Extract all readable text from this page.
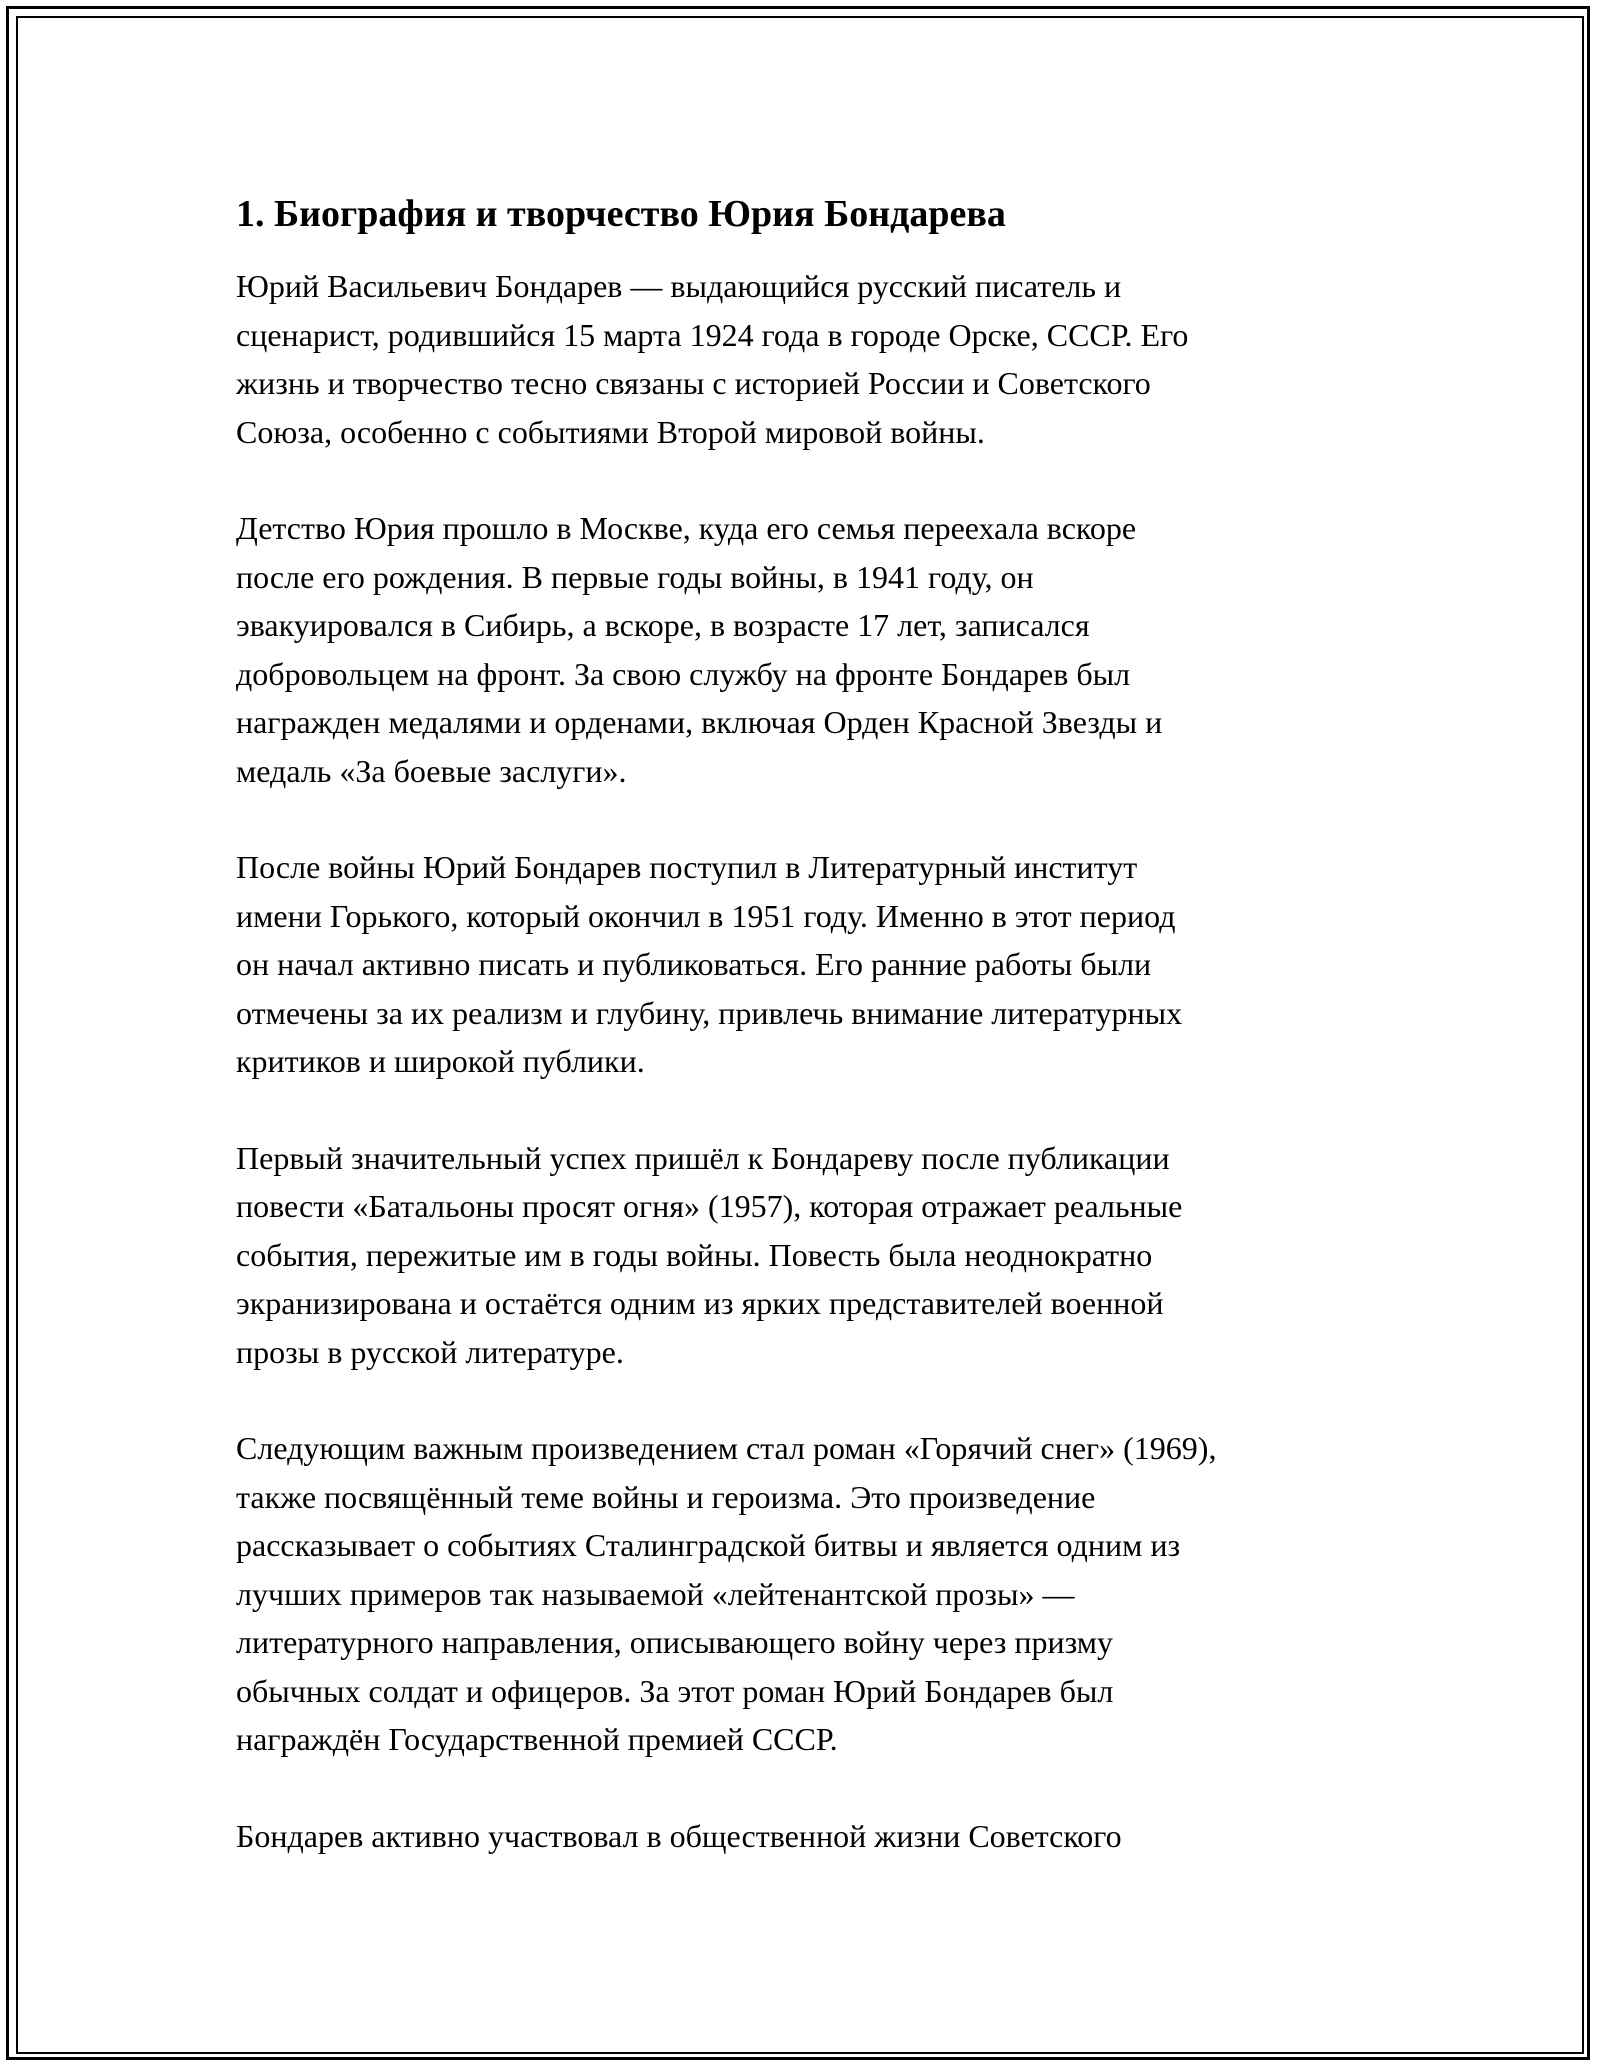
1. Биография и творчество Юрия Бондарева

Юрий Васильевич Бондарев — выдающийся русский писатель и
сценарист, родившийся 15 марта 1924 года в городе Орске, СССР. Его
жизнь и творчество тесно связаны с историей России и Советского
Союза, особенно с событиями Второй мировой войны.

Детство Юрия прошло в Москве, куда его семья переехала вскоре
после его рождения. В первые годы войны, в 1941 году, он
эвакуировался в Сибирь, а вскоре, в возрасте 17 лет, записался
добровольцем на фронт. За свою службу на фронте Бондарев был
награжден медалями и орденами, включая Орден Красной Звезды и
медаль «За боевые заслуги».

После войны Юрий Бондарев поступил в Литературный институт
имени Горького, который окончил в 1951 году. Именно в этот период
он начал активно писать и публиковаться. Его ранние работы были
отмечены за их реализм и глубину, привлечь внимание литературных
критиков и широкой публики.

Первый значительный успех пришёл к Бондареву после публикации
повести «Батальоны просят огня» (1957), которая отражает реальные
события, пережитые им в годы войны. Повесть была неоднократно
экранизирована и остаётся одним из ярких представителей военной
прозы в русской литературе.

Следующим важным произведением стал роман «Горячий снег» (1969),
также посвящённый теме войны и героизма. Это произведение
рассказывает о событиях Сталинградской битвы и является одним из
лучших примеров так называемой «лейтенантской прозы» —
литературного направления, описывающего войну через призму
обычных солдат и офицеров. За этот роман Юрий Бондарев был
награждён Государственной премией СССР.

Бондарев активно участвовал в общественной жизни Советского
